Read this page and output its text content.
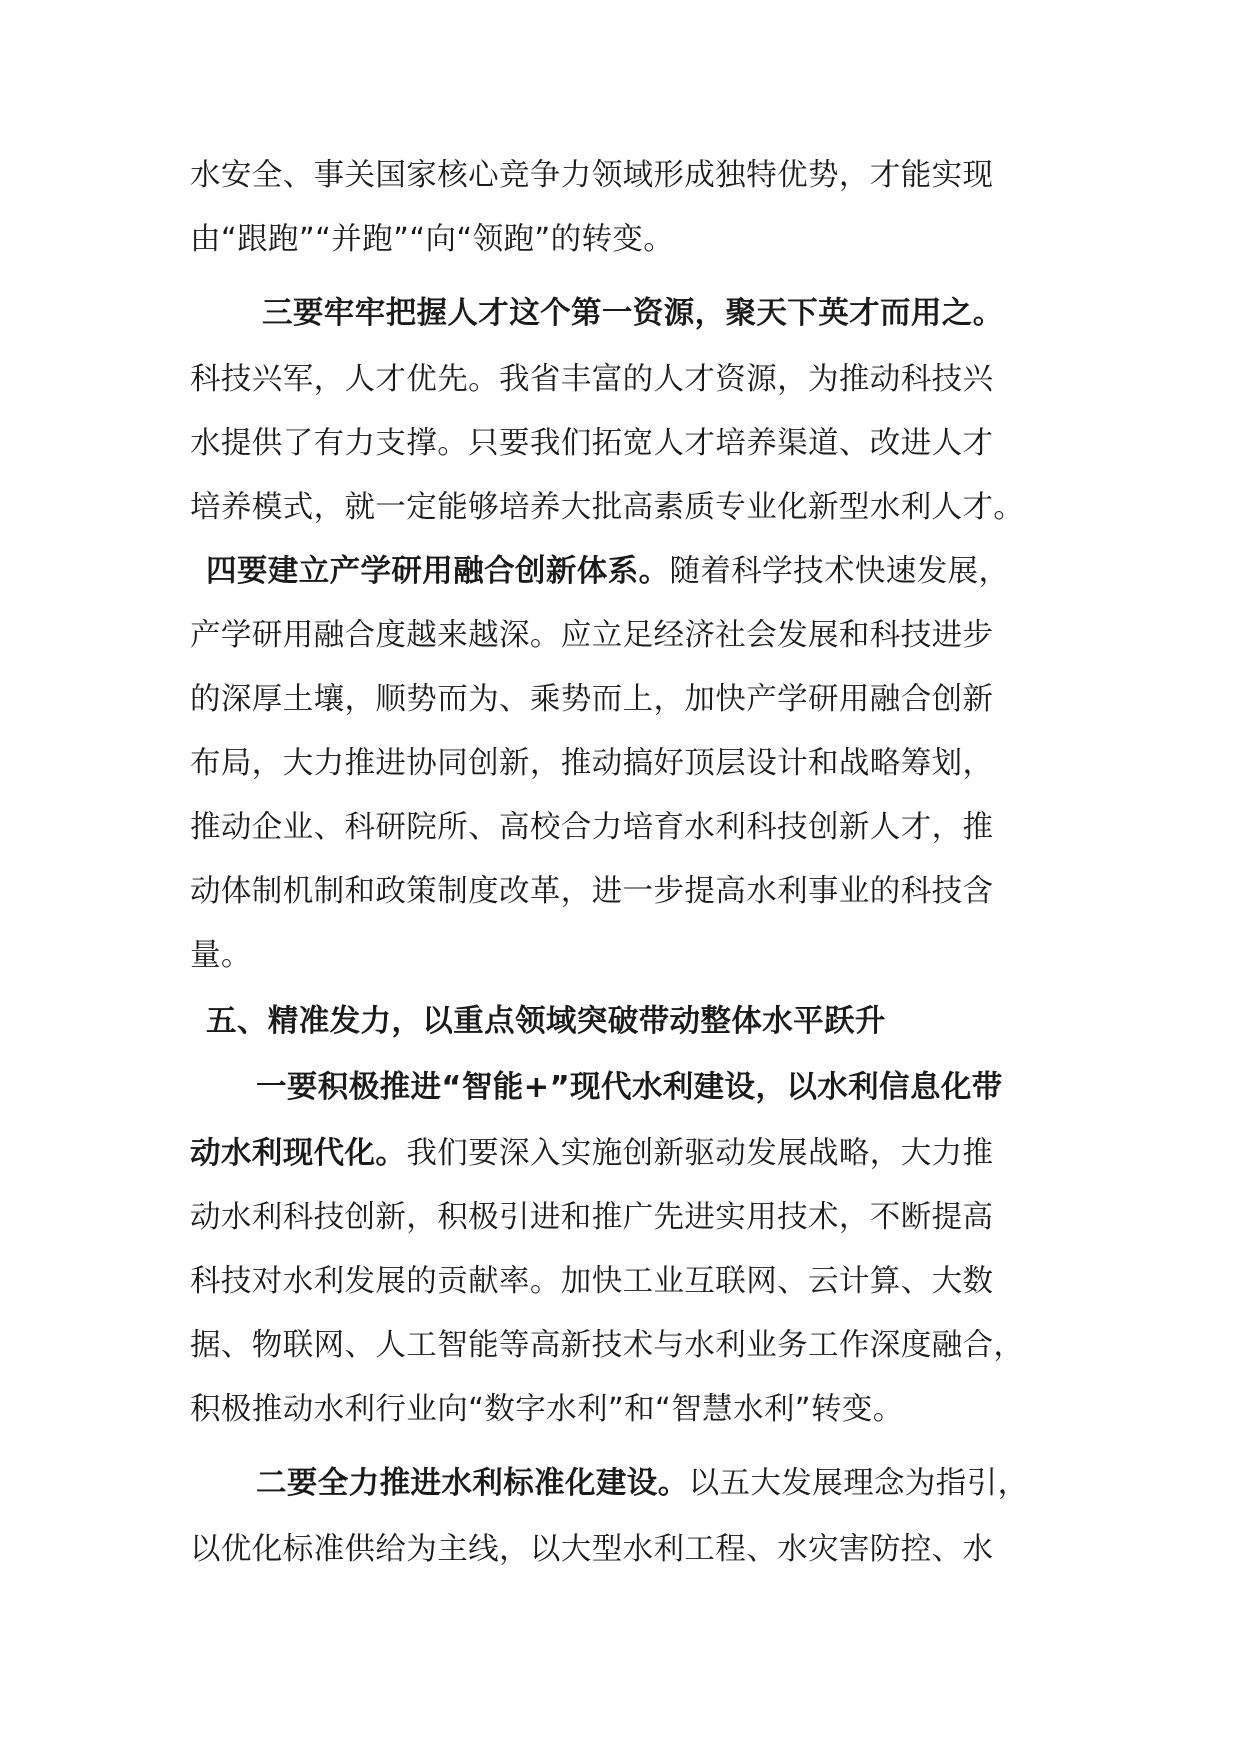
水安全、事关国家核心竞争力领域形成独特优势，才能实现
由“跟跑”“并跑”“向“领跑”的转变。
三要牢牢把握人才这个第一资源，聚天下英才而用之。
科技兴军，人才优先。我省丰富的人才资源，为推动科技兴
水提供了有力支撑。只要我们拓宽人才培养渠道、改进人才
培养模式，就一定能够培养大批高素质专业化新型水利人才。
四要建立产学研用融合创新体系。随着科学技术快速发展，
产学研用融合度越来越深。应立足经济社会发展和科技进步
的深厚土壤，顺势而为、乘势而上，加快产学研用融合创新
布局，大力推进协同创新，推动搞好顶层设计和战略筹划，
推动企业、科研院所、高校合力培育水利科技创新人才，推
动体制机制和政策制度改革，进一步提高水利事业的科技含
量。
五、精准发力，以重点领域突破带动整体水平跃升
一要积极推进“智能+”现代水利建设，以水利信息化带
动水利现代化。我们要深入实施创新驱动发展战略，大力推
动水利科技创新，积极引进和推广先进实用技术，不断提高
科技对水利发展的贡献率。加快工业互联网、云计算、大数
据、物联网、人工智能等高新技术与水利业务工作深度融合，
积极推动水利行业向“数字水利”和“智慧水利”转变。
二要全力推进水利标准化建设。以五大发展理念为指引，
以优化标准供给为主线，以大型水利工程、水灾害防控、水
